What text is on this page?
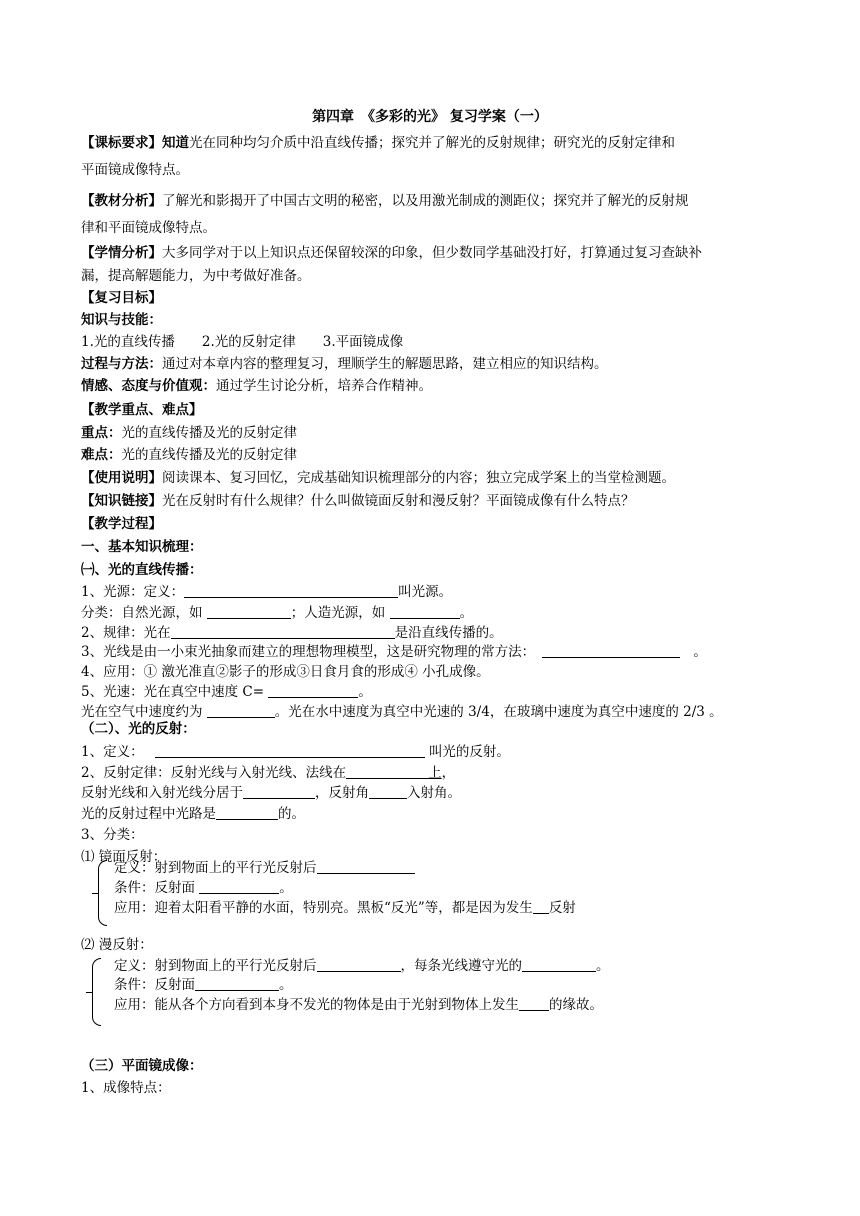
第四章　《多彩的光》 复习学案（一）
【课标要求】知道光在同种均匀介质中沿直线传播；探究并了解光的反射规律；研究光的反射定律和
平面镜成像特点。
【教材分析】了解光和影揭开了中国古文明的秘密，以及用激光制成的测距仪；探究并了解光的反射规
律和平面镜成像特点。
【学情分析】大多同学对于以上知识点还保留较深的印象，但少数同学基础没打好，打算通过复习查缺补
漏，提高解题能力，为中考做好准备。
【复习目标】
知识与技能：
1.光的直线传播　　2.光的反射定律　　3.平面镜成像
过程与方法：通过对本章内容的整理复习，理顺学生的解题思路，建立相应的知识结构。
情感、态度与价值观：通过学生讨论分析，培养合作精神。
【教学重点、难点】
重点：光的直线传播及光的反射定律
难点：光的直线传播及光的反射定律
【使用说明】阅读课本、复习回忆，完成基础知识梳理部分的内容；独立完成学案上的当堂检测题。
【知识链接】光在反射时有什么规律？什么叫做镜面反射和漫反射？平面镜成像有什么特点？
【教学过程】
一、基本知识梳理：
㈠、光的直线传播：
1、光源：定义：	叫光源。
分类：自然光源，如	；人造光源，如	。
2、规律：光在	是沿直线传播的。
3、光线是由一小束光抽象而建立的理想物理模型，这是研究物理的常方法：　　	。
4、应用：① 激光准直②影子的形成③日食月食的形成④ 小孔成像。
5、光速：光在真空中速度 C=	。
光在空气中速度约为	。光在水中速度为真空中光速的 3/4，在玻璃中速度为真空中速度的 2/3 。
（二）、光的反射：
1、定义：　	叫光的反射。
2、反射定律：反射光线与入射光线、法线在	上，
反射光线和入射光线分居于	，反射角	入射角。
光的反射过程中光路是	的。
3、分类：
⑴ 镜面反射：
定义：射到物面上的平行光反射后
条件：反射面	。
应用：迎着太阳看平静的水面，特别亮。黑板“反光”等，都是因为发生 反射
⑵ 漫反射：
定义：射到物面上的平行光反射后	，每条光线遵守光的	。
条件：反射面	。
应用：能从各个方向看到本身不发光的物体是由于光射到物体上发生 的缘故。
（三）平面镜成像：
1、成像特点：
